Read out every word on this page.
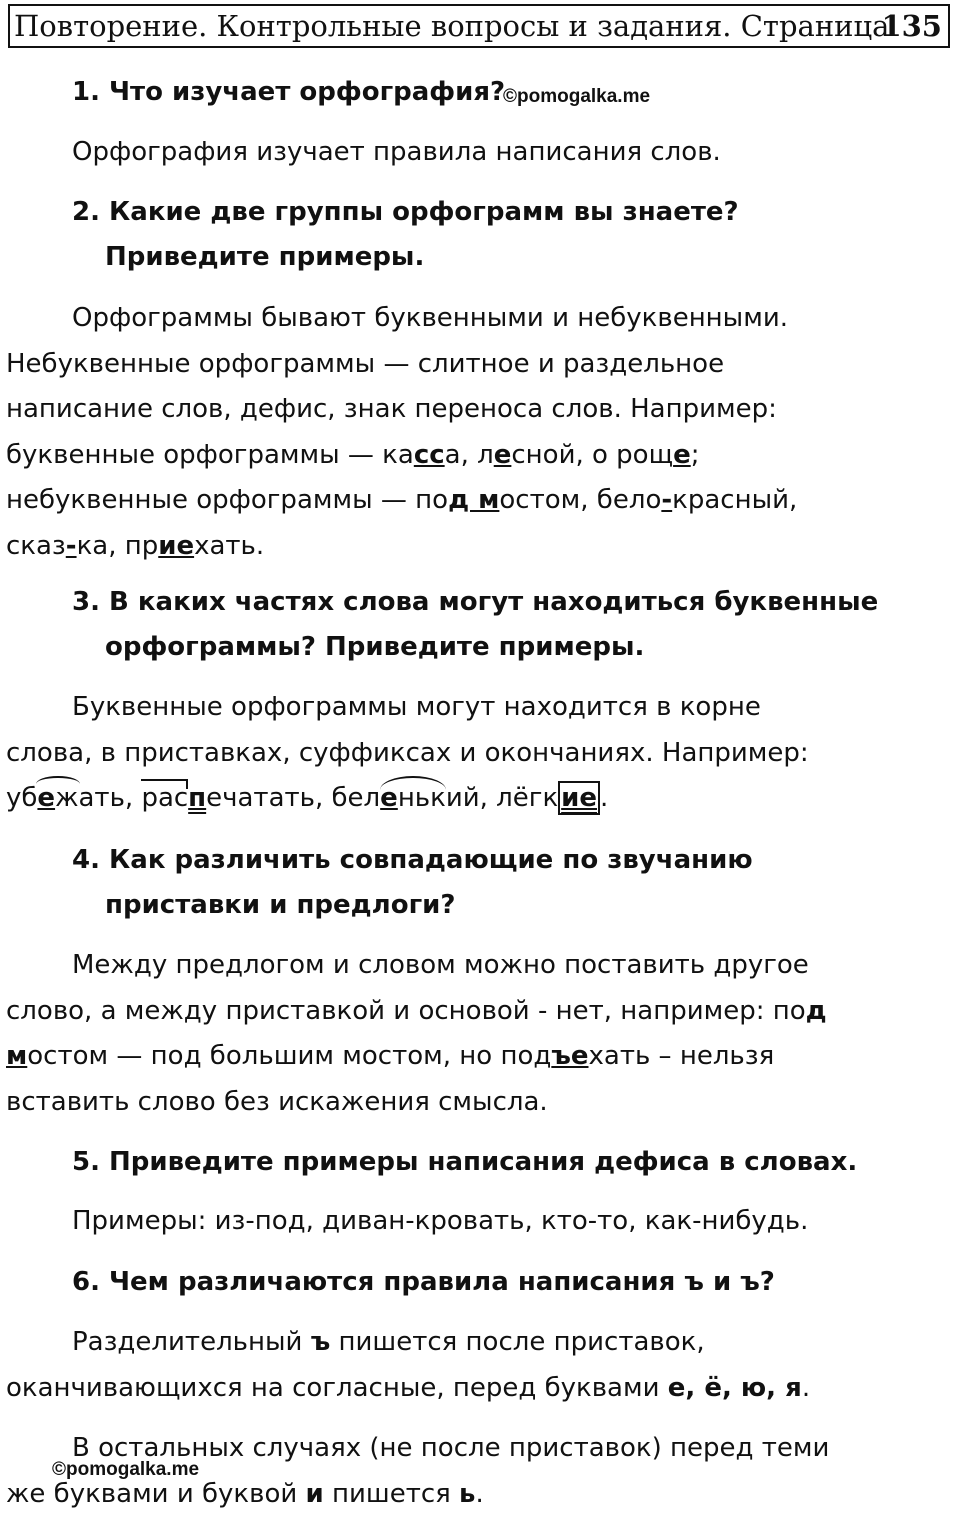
Повторение. Контрольные вопросы и задания. Страница
135
1. Что изучает орфография?
©pomogalka.me
Орфография изучает правила написания слов.
2. Какие две группы орфограмм вы знаете?
Приведите примеры.
Орфограммы бывают буквенными и небуквенными.
Небуквенные орфограммы — слитное и раздельное
написание слов, дефис, знак переноса слов. Например:
буквенные орфограммы — касса, лесной, о роще;
небуквенные орфограммы — под мостом, бело-красный,
сказ-ка, приехать.
3. В каких частях слова могут находиться буквенные
орфограммы? Приведите примеры.
Буквенные орфограммы могут находится в корне
слова, в приставках, суффиксах и окончаниях. Например:
убежать, распечатать, беленький, лёгк ие .
4. Как различить совпадающие по звучанию
приставки и предлоги?
Между предлогом и словом можно поставить другое
слово, а между приставкой и основой - нет, например: под
мостом — под большим мостом, но подъехать – нельзя
вставить слово без искажения смысла.
5. Приведите примеры написания дефиса в словах.
Примеры: из-под, диван-кровать, кто-то, как-нибудь.
6. Чем различаются правила написания ъ и ъ?
Разделительный ъ пишется после приставок,
оканчивающихся на согласные, перед буквами е, ё, ю, я.
В остальных случаях (не после приставок) перед теми
же буквами и буквой и пишется ь.
©pomogalka.me
